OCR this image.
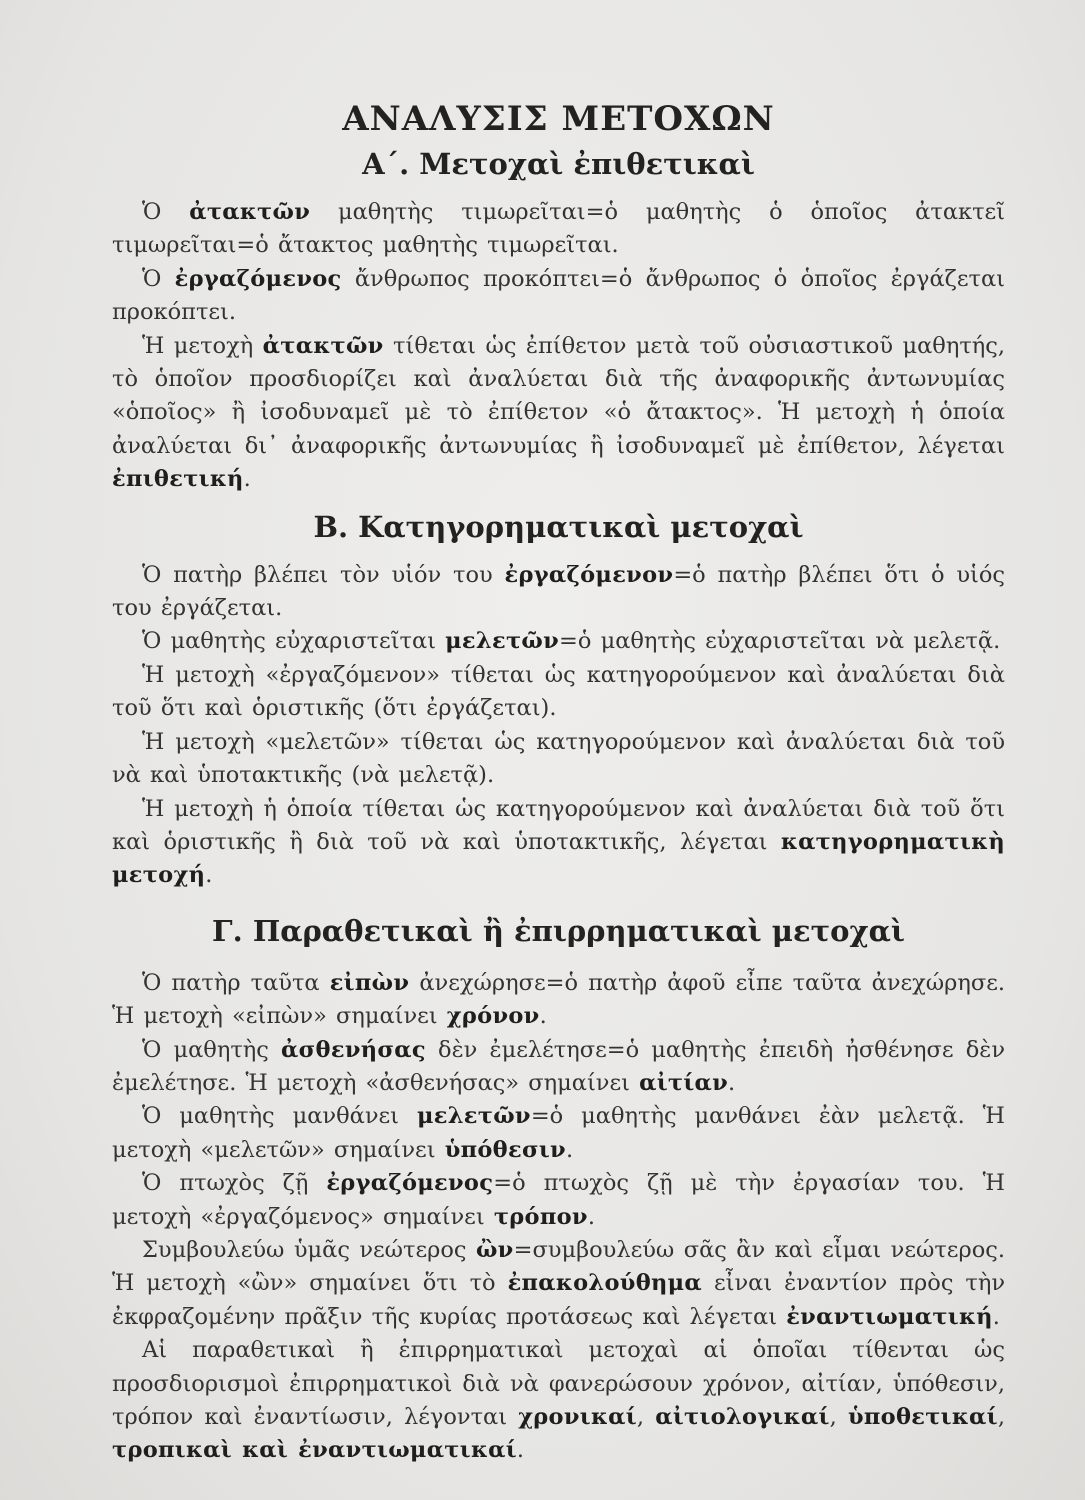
ΑΝΑΛΥΣΙΣ ΜΕΤΟΧΩΝ
Α΄. Μετοχαὶ ἐπιθετικαὶ

Ὁ ἀτακτῶν μαθητὴς τιμωρεῖται=ὁ μαθητὴς ὁ ὁποῖος ἀτακτεῖ τιμωρεῖται=ὁ ἄτακτος μαθητὴς τιμωρεῖται.

Ὁ ἐργαζόμενος ἄνθρωπος προκόπτει=ὁ ἄνθρωπος ὁ ὁποῖος ἐργάζεται προκόπτει.

Ἡ μετοχὴ ἀτακτῶν τίθεται ὡς ἐπίθετον μετὰ τοῦ οὐσιαστικοῦ μαθητής, τὸ ὁποῖον προσδιορίζει καὶ ἀναλύεται διὰ τῆς ἀναφορικῆς ἀντωνυμίας «ὁποῖος» ἢ ἰσοδυναμεῖ μὲ τὸ ἐπίθετον «ὁ ἄτακτος». Ἡ μετοχὴ ἡ ὁποία ἀναλύεται δι᾽ ἀναφορικῆς ἀντωνυμίας ἢ ἰσοδυναμεῖ μὲ ἐπίθετον, λέγεται ἐπιθετική.

Β. Κατηγορηματικαὶ μετοχαὶ

Ὁ πατὴρ βλέπει τὸν υἱόν του ἐργαζόμενον=ὁ πατὴρ βλέπει ὅτι ὁ υἱός του ἐργάζεται.

Ὁ μαθητὴς εὐχαριστεῖται μελετῶν=ὁ μαθητὴς εὐχαριστεῖται νὰ μελετᾷ.

Ἡ μετοχὴ «ἐργαζόμενον» τίθεται ὡς κατηγορούμενον καὶ ἀναλύεται διὰ τοῦ ὅτι καὶ ὁριστικῆς (ὅτι ἐργάζεται).

Ἡ μετοχὴ «μελετῶν» τίθεται ὡς κατηγορούμενον καὶ ἀναλύεται διὰ τοῦ νὰ καὶ ὑποτακτικῆς (νὰ μελετᾷ).

Ἡ μετοχὴ ἡ ὁποία τίθεται ὡς κατηγορούμενον καὶ ἀναλύεται διὰ τοῦ ὅτι καὶ ὁριστικῆς ἢ διὰ τοῦ νὰ καὶ ὑποτακτικῆς, λέγεται κατηγορηματικὴ μετοχή.

Γ. Παραθετικαὶ ἢ ἐπιρρηματικαὶ μετοχαὶ

Ὁ πατὴρ ταῦτα εἰπὼν ἀνεχώρησε=ὁ πατὴρ ἀφοῦ εἶπε ταῦτα ἀνεχώρησε. Ἡ μετοχὴ «εἰπὼν» σημαίνει χρόνον.

Ὁ μαθητὴς ἀσθενήσας δὲν ἐμελέτησε=ὁ μαθητὴς ἐπειδὴ ἠσθένησε δὲν ἐμελέτησε. Ἡ μετοχὴ «ἀσθενήσας» σημαίνει αἰτίαν.

Ὁ μαθητὴς μανθάνει μελετῶν=ὁ μαθητὴς μανθάνει ἐὰν μελετᾷ. Ἡ μετοχὴ «μελετῶν» σημαίνει ὑπόθεσιν.

Ὁ πτωχὸς ζῇ ἐργαζόμενος=ὁ πτωχὸς ζῇ μὲ τὴν ἐργασίαν του. Ἡ μετοχὴ «ἐργαζόμενος» σημαίνει τρόπον.

Συμβουλεύω ὑμᾶς νεώτερος ὢν=συμβουλεύω σᾶς ἂν καὶ εἶμαι νεώτερος. Ἡ μετοχὴ «ὢν» σημαίνει ὅτι τὸ ἐπακολούθημα εἶναι ἐναντίον πρὸς τὴν ἐκφραζομένην πρᾶξιν τῆς κυρίας προτάσεως καὶ λέγεται ἐναντιωματική.

Αἱ παραθετικαὶ ἢ ἐπιρρηματικαὶ μετοχαὶ αἱ ὁποῖαι τίθενται ὡς προσδιορισμοὶ ἐπιρρηματικοὶ διὰ νὰ φανερώσουν χρόνον, αἰτίαν, ὑπόθεσιν, τρόπον καὶ ἐναντίωσιν, λέγονται χρονικαί, αἰτιολογικαί, ὑποθετικαί, τροπικαὶ καὶ ἐναντιωματικαί.
